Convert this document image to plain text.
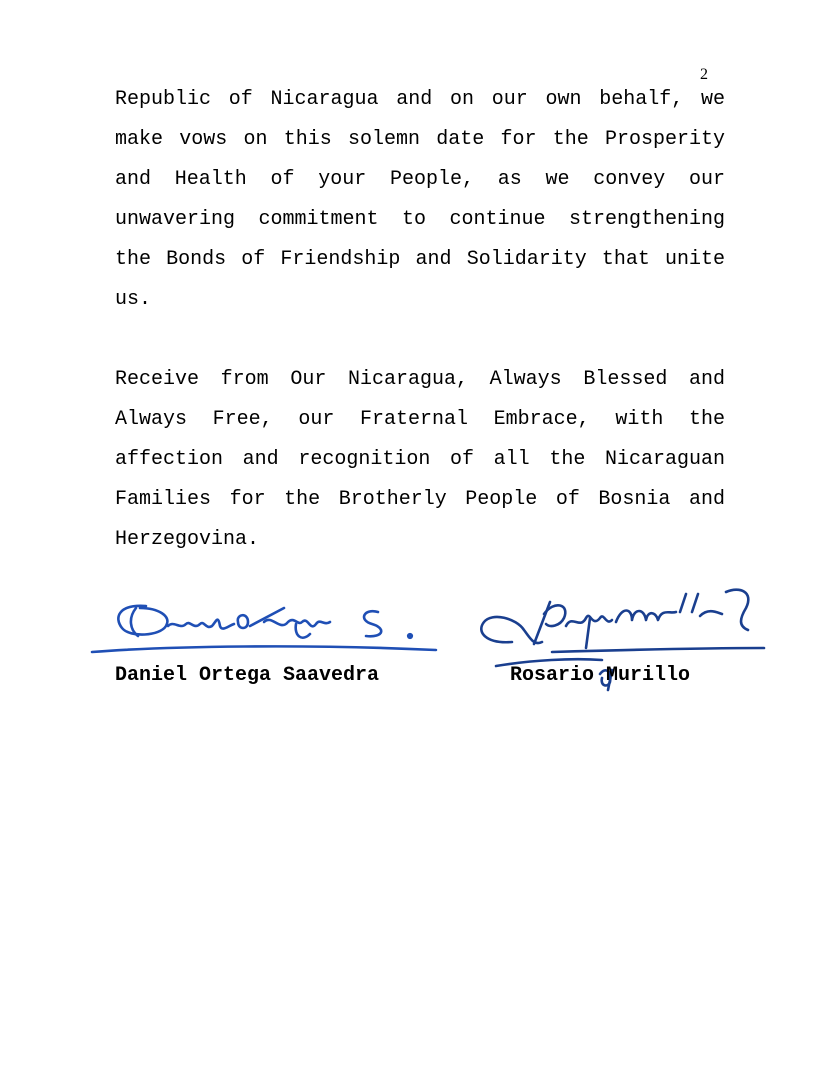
2

Republic of Nicaragua and on our own behalf, we make vows on this solemn date for the Prosperity and Health of your People, as we convey our unwavering commitment to continue strengthening the Bonds of Friendship and Solidarity that unite us.

Receive from Our Nicaragua, Always Blessed and Always Free, our Fraternal Embrace, with the affection and recognition of all the Nicaraguan Families for the Brotherly People of Bosnia and Herzegovina.

Daniel Ortega Saavedra	Rosario Murillo
